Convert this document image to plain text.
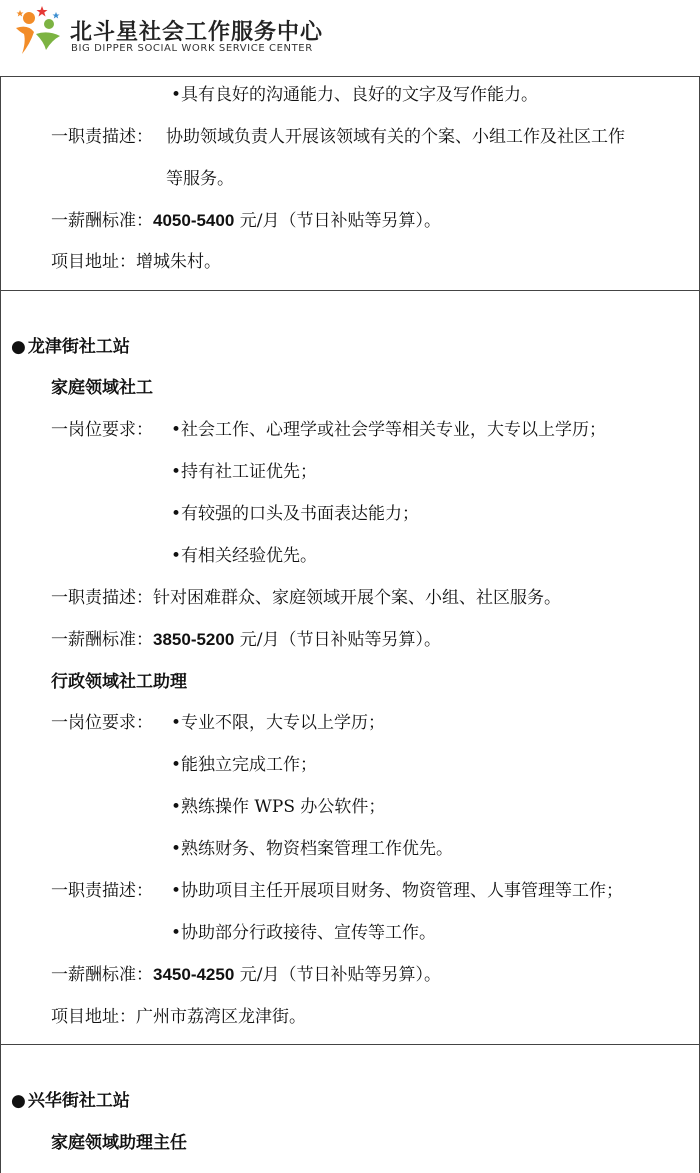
北斗星社会工作服务中心
BIG DIPPER SOCIAL WORK SERVICE CENTER
•具有良好的沟通能力、良好的文字及写作能力。
一职责描述： 协助领域负责人开展该领域有关的个案、小组工作及社区工作
等服务。
一薪酬标准：4050-5400 元/月（节日补贴等另算）。
项目地址：增城朱村。
● 龙津街社工站
家庭领域社工
一岗位要求： •社会工作、心理学或社会学等相关专业，大专以上学历；
•持有社工证优先；
•有较强的口头及书面表达能力；
•有相关经验优先。
一职责描述：针对困难群众、家庭领域开展个案、小组、社区服务。
一薪酬标准：3850-5200 元/月（节日补贴等另算）。
行政领域社工助理
一岗位要求： •专业不限，大专以上学历；
•能独立完成工作；
•熟练操作 WPS 办公软件；
•熟练财务、物资档案管理工作优先。
一职责描述： •协助项目主任开展项目财务、物资管理、人事管理等工作；
•协助部分行政接待、宣传等工作。
一薪酬标准：3450-4250 元/月（节日补贴等另算）。
项目地址：广州市荔湾区龙津街。
● 兴华街社工站
家庭领域助理主任
